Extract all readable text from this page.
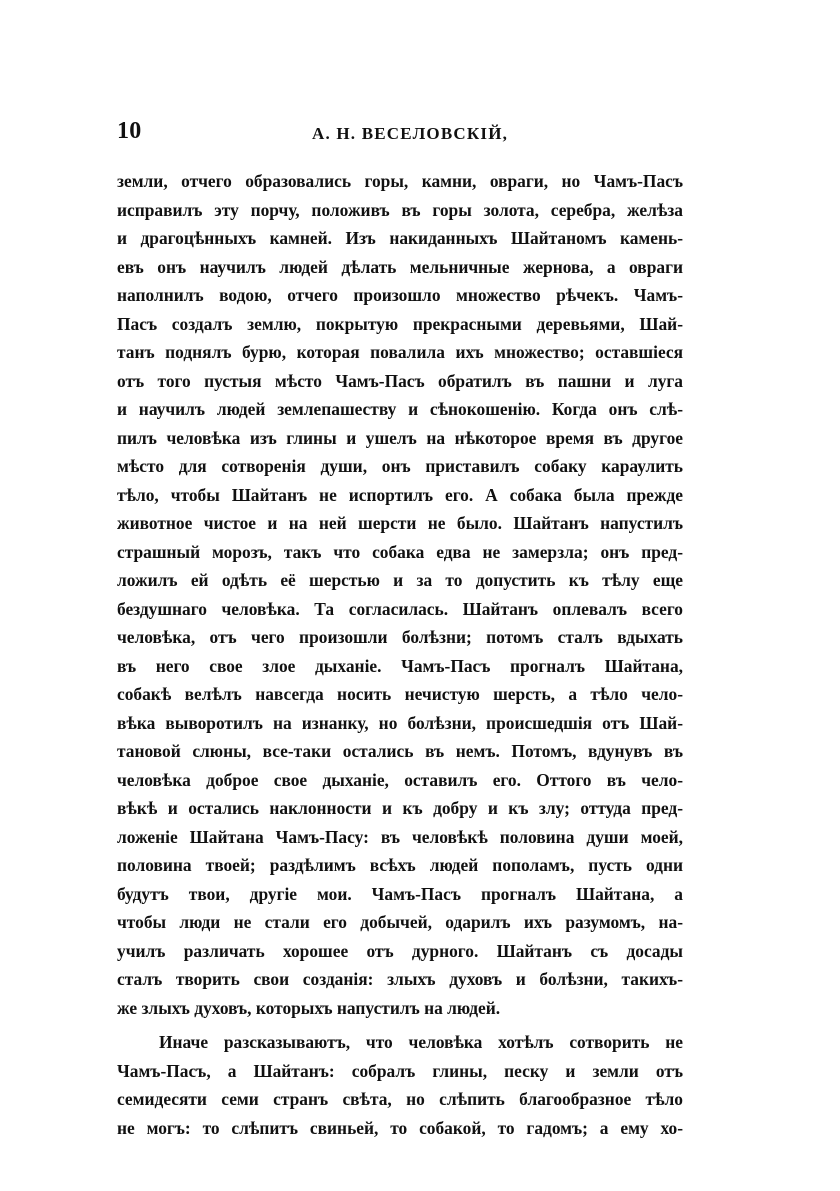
10	А. Н. ВЕСЕЛОВСКІЙ,
земли, отчего образовались горы, камни, овраги, но Чамъ-Пасъ
исправилъ эту порчу, положивъ въ горы золота, серебра, желѣза
и драгоцѣнныхъ камней. Изъ накиданныхъ Шайтаномъ камень-
евъ онъ научилъ людей дѣлать мельничные жернова, а овраги
наполнилъ водою, отчего произошло множество рѣчекъ. Чамъ-
Пасъ создалъ землю, покрытую прекрасными деревьями, Шай-
танъ поднялъ бурю, которая повалила ихъ множество; оставшіеся
отъ того пустыя мѣсто Чамъ-Пасъ обратилъ въ пашни и луга
и научилъ людей землепашеству и сѣнокошенію. Когда онъ слѣ-
пилъ человѣка изъ глины и ушелъ на нѣкоторое время въ другое
мѣсто для сотворенія души, онъ приставилъ собаку караулить
тѣло, чтобы Шайтанъ не испортилъ его. А собака была прежде
животное чистое и на ней шерсти не было. Шайтанъ напустилъ
страшный морозъ, такъ что собака едва не замерзла; онъ пред-
ложилъ ей одѣть её шерстью и за то допустить къ тѣлу еще
бездушнаго человѣка. Та согласилась. Шайтанъ оплевалъ всего
человѣка, отъ чего произошли болѣзни; потомъ сталъ вдыхать
въ него свое злое дыханіе. Чамъ-Пасъ прогналъ Шайтана,
собакѣ велѣлъ навсегда носить нечистую шерсть, а тѣло чело-
вѣка выворотилъ на изнанку, но болѣзни, происшедшія отъ Шай-
тановой слюны, все-таки остались въ немъ. Потомъ, вдунувъ въ
человѣка доброе свое дыханіе, оставилъ его. Оттого въ чело-
вѣкѣ и остались наклонности и къ добру и къ злу; оттуда пред-
ложеніе Шайтана Чамъ-Пасу: въ человѣкѣ половина души моей,
половина твоей; раздѣлимъ всѣхъ людей пополамъ, пусть одни
будутъ твои, другіе мои. Чамъ-Пасъ прогналъ Шайтана, а
чтобы люди не стали его добычей, одарилъ ихъ разумомъ, на-
училъ различать хорошее отъ дурного. Шайтанъ съ досады
сталъ творить свои созданія: злыхъ духовъ и болѣзни, такихъ-
же злыхъ духовъ, которыхъ напустилъ на людей.
Иначе разсказываютъ, что человѣка хотѣлъ сотворить не
Чамъ-Пасъ, а Шайтанъ: собралъ глины, песку и земли отъ
семидесяти семи странъ свѣта, но слѣпить благообразное тѣло
не могъ: то слѣпитъ свиньей, то собакой, то гадомъ; а ему хо-
